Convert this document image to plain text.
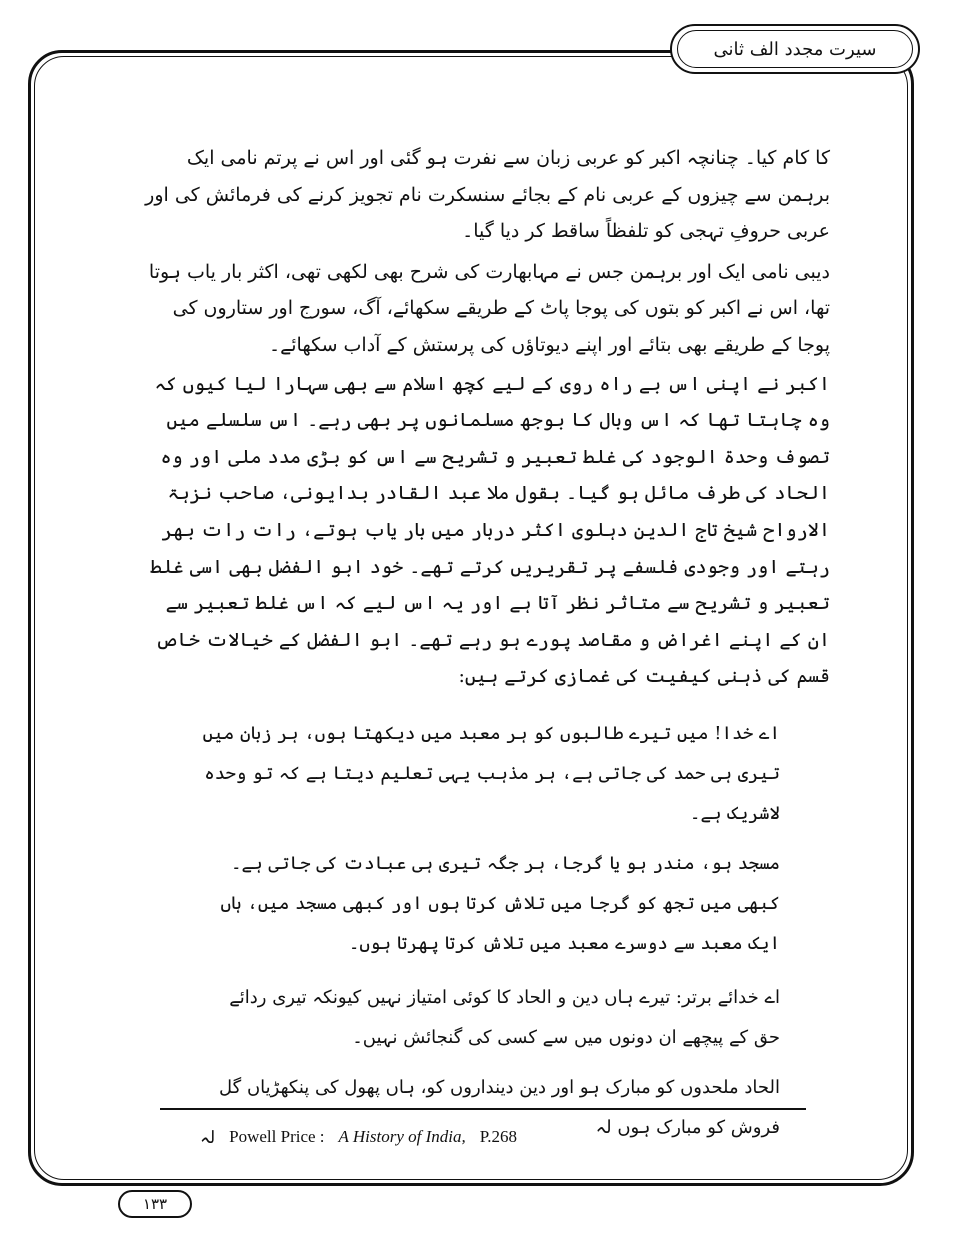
سیرت مجدد الف ثانی

کا کام کیا۔ چنانچہ اکبر کو عربی زبان سے نفرت ہو گئی اور اس نے پرتم نامی ایک برہمن سے چیزوں کے عربی نام کے بجائے سنسکرت نام تجویز کرنے کی فرمائش کی اور عربی حروفِ تہجی کو تلفظاً ساقط کر دیا گیا۔

دیبی نامی ایک اور برہمن جس نے مہابھارت کی شرح بھی لکھی تھی، اکثر بار یاب ہوتا تھا، اس نے اکبر کو بتوں کی پوجا پاٹ کے طریقے سکھائے، آگ، سورج اور ستاروں کی پوجا کے طریقے بھی بتائے اور اپنے دیوتاؤں کی پرستش کے آداب سکھائے۔

اکبر نے اپنی اس بے راہ روی کے لیے کچھ اسلام سے بھی سہارا لیا کیوں کہ وہ چاہتا تھا کہ اس وبال کا بوجھ مسلمانوں پر بھی رہے۔ اس سلسلے میں تصوف وحدۃ الوجود کی غلط تعبیر و تشریح سے اس کو بڑی مدد ملی اور وہ الحاد کی طرف مائل ہو گیا۔ بقول ملا عبد القادر بدایونی، صاحب نزہۃ الارواح شیخ تاج الدین دہلوی اکثر دربار میں بار یاب ہوتے، رات رات بھر رہتے اور وجودی فلسفے پر تقریریں کرتے تھے۔ خود ابو الفضل بھی اسی غلط تعبیر و تشریح سے متاثر نظر آتا ہے اور یہ اس لیے کہ اس غلط تعبیر سے ان کے اپنے اغراض و مقاصد پورے ہو رہے تھے۔ ابو الفضل کے خیالات خاص قسم کی ذہنی کیفیت کی غمازی کرتے ہیں:

اے خدا! میں تیرے طالبوں کو ہر معبد میں دیکھتا ہوں، ہر زبان میں تیری ہی حمد کی جاتی ہے، ہر مذہب یہی تعلیم دیتا ہے کہ تو وحدہ لاشریک ہے۔

مسجد ہو، مندر ہو یا گرجا، ہر جگہ تیری ہی عبادت کی جاتی ہے۔ کبھی میں تجھ کو گرجا میں تلاش کرتا ہوں اور کبھی مسجد میں، ہاں ایک معبد سے دوسرے معبد میں تلاش کرتا پھرتا ہوں۔

اے خدائے برتر: تیرے ہاں دین و الحاد کا کوئی امتیاز نہیں کیونکہ تیری ردائے حق کے پیچھے ان دونوں میں سے کسی کی گنجائش نہیں۔

الحاد ملحدوں کو مبارک ہو اور دین دینداروں کو، ہاں پھول کی پنکھڑیاں گل فروش کو مبارک ہوں لہ

لہ Powell Price : A History of India, P.268
۱۳۳
